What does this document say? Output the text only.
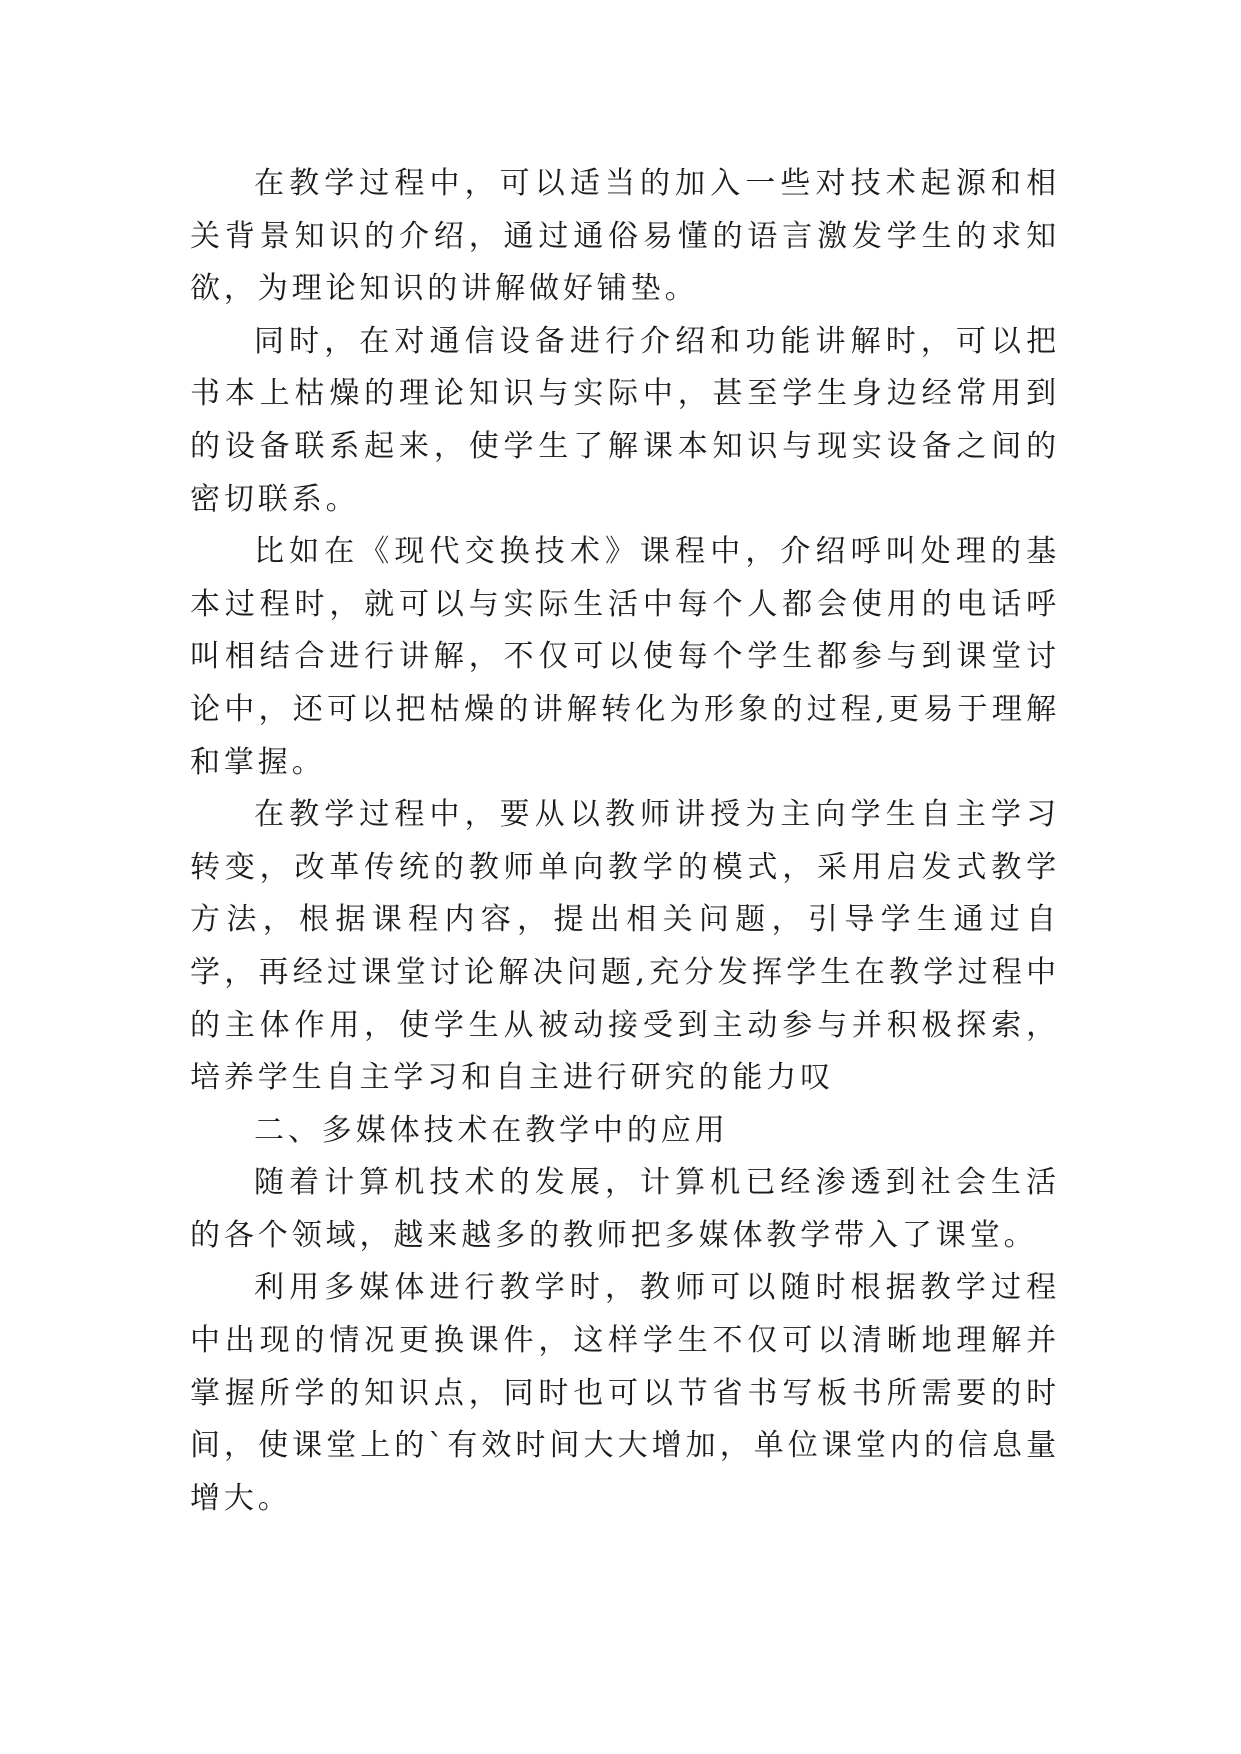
在教学过程中，可以适当的加入一些对技术起源和相关背景知识的介绍，通过通俗易懂的语言激发学生的求知欲，为理论知识的讲解做好铺垫。

同时，在对通信设备进行介绍和功能讲解时，可以把书本上枯燥的理论知识与实际中，甚至学生身边经常用到的设备联系起来，使学生了解课本知识与现实设备之间的密切联系。

比如在《现代交换技术》课程中，介绍呼叫处理的基本过程时，就可以与实际生活中每个人都会使用的电话呼叫相结合进行讲解，不仅可以使每个学生都参与到课堂讨论中，还可以把枯燥的讲解转化为形象的过程,更易于理解和掌握。

在教学过程中，要从以教师讲授为主向学生自主学习转变，改革传统的教师单向教学的模式，采用启发式教学方法，根据课程内容，提出相关问题，引导学生通过自学，再经过课堂讨论解决问题,充分发挥学生在教学过程中的主体作用，使学生从被动接受到主动参与并积极探索，培养学生自主学习和自主进行研究的能力叹

二、多媒体技术在教学中的应用

随着计算机技术的发展，计算机已经渗透到社会生活的各个领域，越来越多的教师把多媒体教学带入了课堂。

利用多媒体进行教学时，教师可以随时根据教学过程中出现的情况更换课件，这样学生不仅可以清晰地理解并掌握所学的知识点，同时也可以节省书写板书所需要的时间，使课堂上的`有效时间大大增加，单位课堂内的信息量增大。
